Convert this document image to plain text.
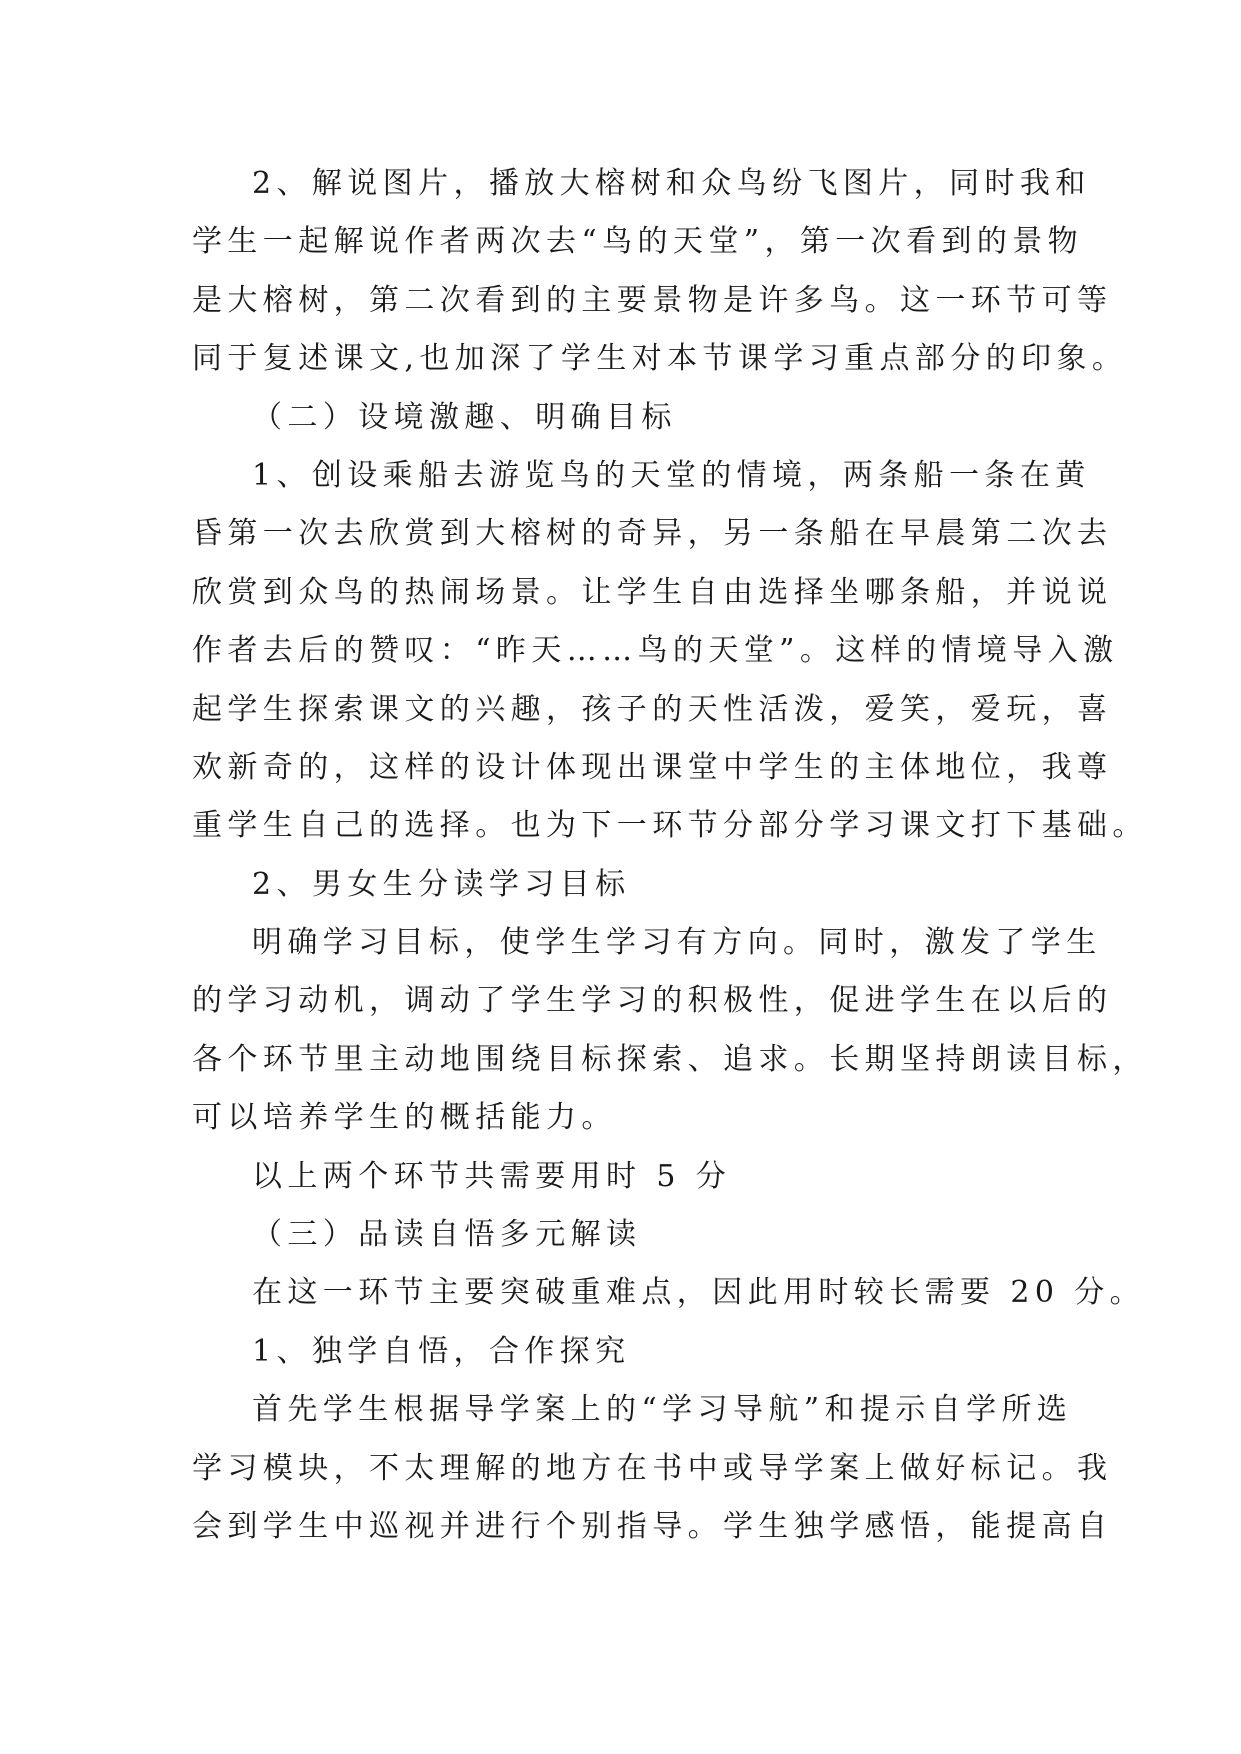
2、解说图片，播放大榕树和众鸟纷飞图片，同时我和
学生一起解说作者两次去“鸟的天堂”，第一次看到的景物
是大榕树，第二次看到的主要景物是许多鸟。这一环节可等
同于复述课文,也加深了学生对本节课学习重点部分的印象。
（二）设境激趣、明确目标
1、创设乘船去游览鸟的天堂的情境，两条船一条在黄
昏第一次去欣赏到大榕树的奇异，另一条船在早晨第二次去
欣赏到众鸟的热闹场景。让学生自由选择坐哪条船，并说说
作者去后的赞叹：“昨天……鸟的天堂”。这样的情境导入激
起学生探索课文的兴趣，孩子的天性活泼，爱笑，爱玩，喜
欢新奇的，这样的设计体现出课堂中学生的主体地位，我尊
重学生自己的选择。也为下一环节分部分学习课文打下基础。
2、男女生分读学习目标
明确学习目标，使学生学习有方向。同时，激发了学生
的学习动机，调动了学生学习的积极性，促进学生在以后的
各个环节里主动地围绕目标探索、追求。长期坚持朗读目标，
可以培养学生的概括能力。
以上两个环节共需要用时 5 分
（三）品读自悟多元解读
在这一环节主要突破重难点，因此用时较长需要 20 分。
1、独学自悟，合作探究
首先学生根据导学案上的“学习导航”和提示自学所选
学习模块，不太理解的地方在书中或导学案上做好标记。我
会到学生中巡视并进行个别指导。学生独学感悟，能提高自
